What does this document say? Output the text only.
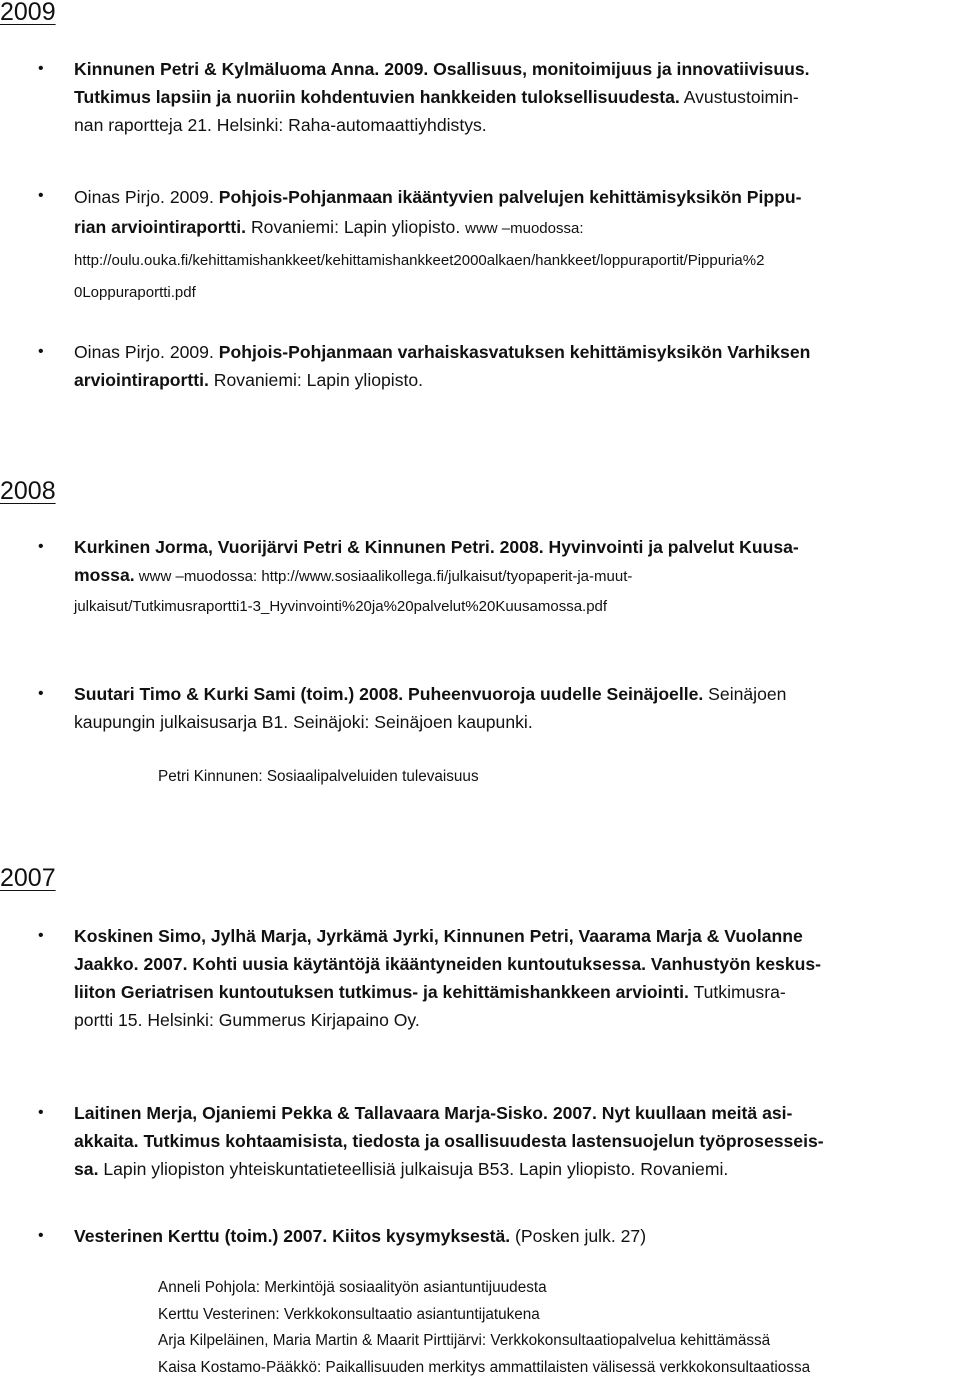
2009
2008
2007
•	Kinnunen Petri & Kylmäluoma Anna. 2009. Osallisuus, monitoimijuus ja innovatiivisuus.
Tutkimus lapsiin ja nuoriin kohdentuvien hankkeiden tuloksellisuudesta. Avustustoimin-
nan raportteja 21. Helsinki: Raha-automaattiyhdistys.
•	Oinas Pirjo. 2009. Pohjois-Pohjanmaan ikääntyvien palvelujen kehittämisyksikön Pippu-
rian arviointiraportti. Rovaniemi: Lapin yliopisto. www –muodossa:
http://oulu.ouka.fi/kehittamishankkeet/kehittamishankkeet2000alkaen/hankkeet/loppuraportit/Pippuria%2
0Loppuraportti.pdf
•	Oinas Pirjo. 2009. Pohjois-Pohjanmaan varhaiskasvatuksen kehittämisyksikön Varhiksen
arviointiraportti. Rovaniemi: Lapin yliopisto.
•	Kurkinen Jorma, Vuorijärvi Petri & Kinnunen Petri. 2008. Hyvinvointi ja palvelut Kuusa-
mossa. www –muodossa: http://www.sosiaalikollega.fi/julkaisut/tyopaperit-ja-muut-
julkaisut/Tutkimusraportti1-3_Hyvinvointi%20ja%20palvelut%20Kuusamossa.pdf
•	Suutari Timo & Kurki Sami (toim.) 2008. Puheenvuoroja uudelle Seinäjoelle. Seinäjoen
kaupungin julkaisusarja B1. Seinäjoki: Seinäjoen kaupunki.
Petri Kinnunen: Sosiaalipalveluiden tulevaisuus
•	Koskinen Simo, Jylhä Marja, Jyrkämä Jyrki, Kinnunen Petri, Vaarama Marja & Vuolanne
Jaakko. 2007. Kohti uusia käytäntöjä ikääntyneiden kuntoutuksessa. Vanhustyön keskus-
liiton Geriatrisen kuntoutuksen tutkimus- ja kehittämishankkeen arviointi. Tutkimusra-
portti 15. Helsinki: Gummerus Kirjapaino Oy.
•	Laitinen Merja, Ojaniemi Pekka & Tallavaara Marja-Sisko. 2007. Nyt kuullaan meitä asi-
akkaita. Tutkimus kohtaamisista, tiedosta ja osallisuudesta lastensuojelun työprosesseis-
sa. Lapin yliopiston yhteiskuntatieteellisiä julkaisuja B53. Lapin yliopisto. Rovaniemi.
•	Vesterinen Kerttu (toim.) 2007. Kiitos kysymyksestä. (Posken julk. 27)
Anneli Pohjola: Merkintöjä sosiaalityön asiantuntijuudesta
Kerttu Vesterinen: Verkkokonsultaatio asiantuntijatukena
Arja Kilpeläinen, Maria Martin & Maarit Pirttijärvi: Verkkokonsultaatiopalvelua kehittämässä
Kaisa Kostamo-Pääkkö: Paikallisuuden merkitys ammattilaisten välisessä verkkokonsultaatiossa
